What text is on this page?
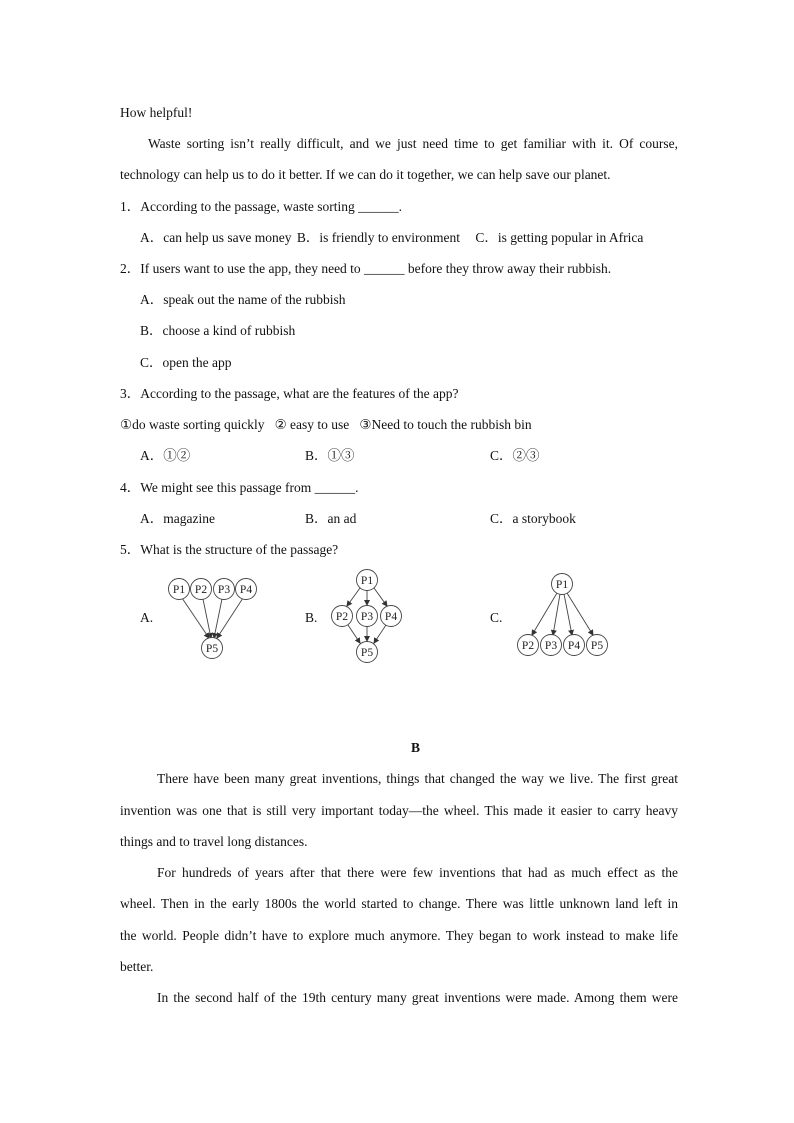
How helpful!
Waste sorting isn’t really difficult, and we just need time to get familiar with it. Of course,
technology can help us to do it better. If we can do it together, we can help save our planet.
1．According to the passage, waste sorting ______.
A．can help us save money B．is friendly to environment C．is getting popular in Africa
2．If users want to use the app, they need to ______ before they throw away their rubbish.
A．speak out the name of the rubbish
B．choose a kind of rubbish
C．open the app
3．According to the passage, what are the features of the app?
①do waste sorting quickly   ② easy to use   ③Need to touch the rubbish bin
A．①②	B．①③	C．②③
4．We might see this passage from ______.
A．magazine	B．an ad	C．a storybook
5．What is the structure of the passage?
A.	B.	C.
P1 P2 P3 P4
P5
P1
P2 P3 P4
P5
P1
P2 P3 P4 P5
B
There have been many great inventions, things that changed the way we live. The first great
invention was one that is still very important today—the wheel. This made it easier to carry heavy
things and to travel long distances.
For hundreds of years after that there were few inventions that had as much effect as the
wheel. Then in the early 1800s the world started to change. There was little unknown land left in
the world. People didn’t have to explore much anymore. They began to work instead to make life
better.
In the second half of the 19th century many great inventions were made. Among them were
